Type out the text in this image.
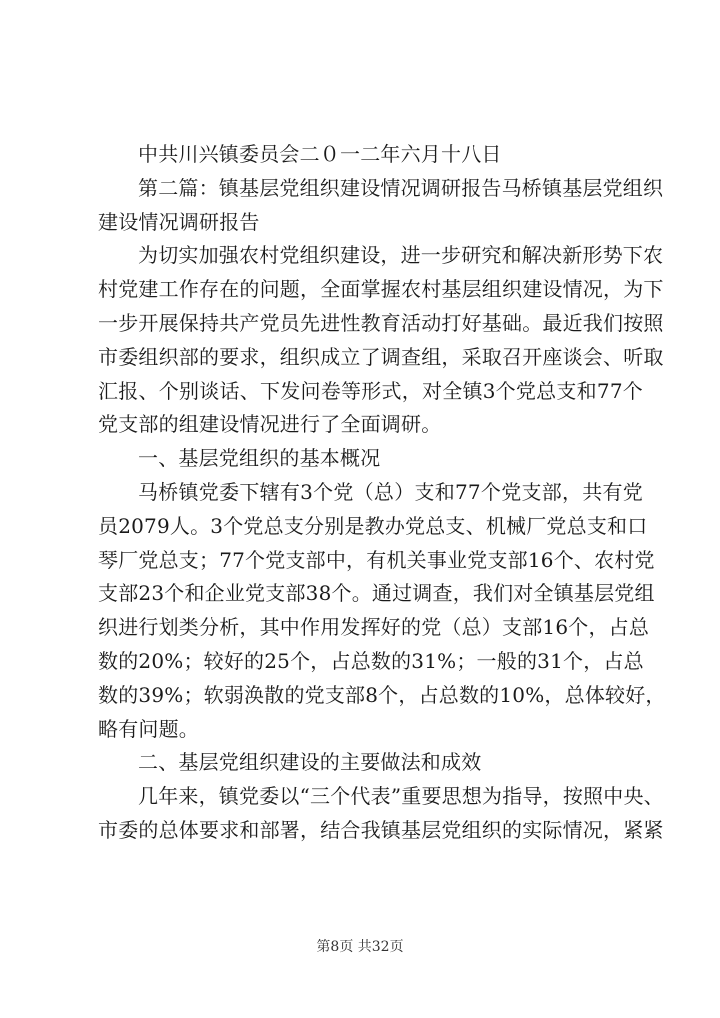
中共川兴镇委员会二０一二年六月十八日
第二篇：镇基层党组织建设情况调研报告马桥镇基层党组织
建设情况调研报告
为切实加强农村党组织建设，进一步研究和解决新形势下农
村党建工作存在的问题，全面掌握农村基层组织建设情况，为下
一步开展保持共产党员先进性教育活动打好基础。最近我们按照
市委组织部的要求，组织成立了调查组，采取召开座谈会、听取
汇报、个别谈话、下发问卷等形式，对全镇3个党总支和77个
党支部的组建设情况进行了全面调研。
一、基层党组织的基本概况
马桥镇党委下辖有3个党（总）支和77个党支部，共有党
员2079人。3个党总支分别是教办党总支、机械厂党总支和口
琴厂党总支；77个党支部中，有机关事业党支部16个、农村党
支部23个和企业党支部38个。通过调查，我们对全镇基层党组
织进行划类分析，其中作用发挥好的党（总）支部16个，占总
数的20%；较好的25个，占总数的31%；一般的31个，占总
数的39%；软弱涣散的党支部8个，占总数的10%，总体较好，
略有问题。
二、基层党组织建设的主要做法和成效
几年来，镇党委以“三个代表”重要思想为指导，按照中央、
市委的总体要求和部署，结合我镇基层党组织的实际情况，紧紧
第8页 共32页
